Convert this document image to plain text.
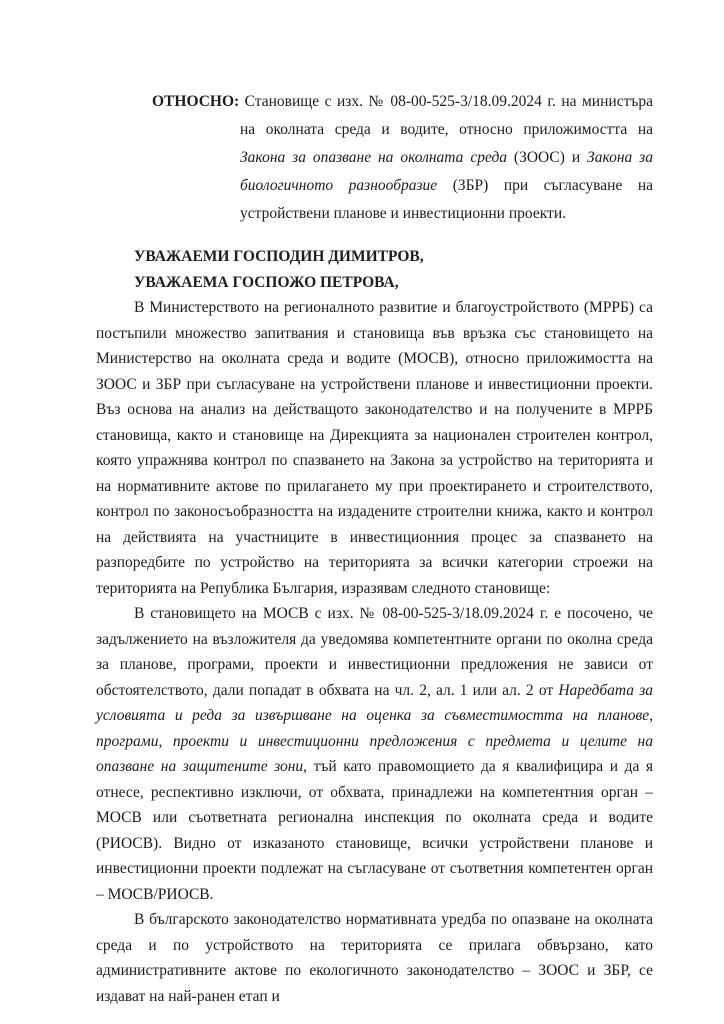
ОТНОСНО: Становище с изх. № 08-00-525-3/18.09.2024 г. на министъра на околната среда и водите, относно приложимостта на Закона за опазване на околната среда (ЗООС) и Закона за биологичното разнообразие (ЗБР) при съгласуване на устройствени планове и инвестиционни проекти.

УВАЖАЕМИ ГОСПОДИН ДИМИТРОВ,

УВАЖАЕМА ГОСПОЖО ПЕТРОВА,

В Министерството на регионалното развитие и благоустройството (МРРБ) са постъпили множество запитвания и становища във връзка със становището на Министерство на околната среда и водите (МОСВ), относно приложимостта на ЗООС и ЗБР при съгласуване на устройствени планове и инвестиционни проекти. Въз основа на анализ на действащото законодателство и на получените в МРРБ становища, както и становище на Дирекцията за национален строителен контрол, която упражнява контрол по спазването на Закона за устройство на територията и на нормативните актове по прилагането му при проектирането и строителството, контрол по законосъобразността на издадените строителни книжа, както и контрол на действията на участниците в инвестиционния процес за спазването на разпоредбите по устройство на територията за всички категории строежи на територията на Република България, изразявам следното становище:

В становището на МОСВ с изх. № 08-00-525-3/18.09.2024 г. е посочено, че задължението на възложителя да уведомява компетентните органи по околна среда за планове, програми, проекти и инвестиционни предложения не зависи от обстоятелството, дали попадат в обхвата на чл. 2, ал. 1 или ал. 2 от Наредбата за условията и реда за извършване на оценка за съвместимостта на планове, програми, проекти и инвестиционни предложения с предмета и целите на опазване на защитените зони, тъй като правомощието да я квалифицира и да я отнесе, респективно изключи, от обхвата, принадлежи на компетентния орган – МОСВ или съответната регионална инспекция по околната среда и водите (РИОСВ). Видно от изказаното становище, всички устройствени планове и инвестиционни проекти подлежат на съгласуване от съответния компетентен орган – МОСВ/РИОСВ.

В българското законодателство нормативната уредба по опазване на околната среда и по устройството на територията се прилага обвързано, като административните актове по екологичното законодателство – ЗООС и ЗБР, се издават на най-ранен етап и
